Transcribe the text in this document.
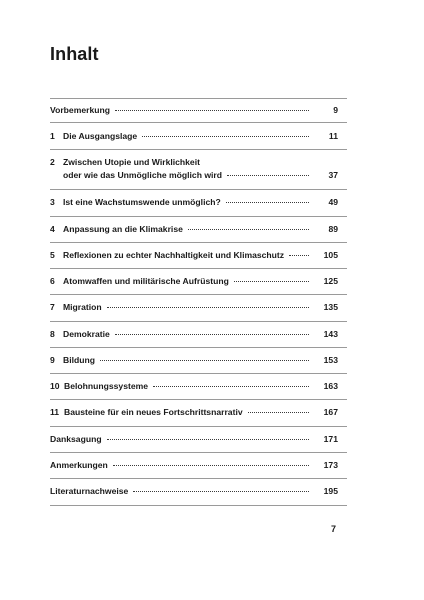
Inhalt
Vorbemerkung	9
1 Die Ausgangslage	11
2 Zwischen Utopie und Wirklichkeit
oder wie das Unmögliche möglich wird	37
3 Ist eine Wachstumswende unmöglich?	49
4 Anpassung an die Klimakrise	89
5 Reflexionen zu echter Nachhaltigkeit und Klimaschutz	105
6 Atomwaffen und militärische Aufrüstung	125
7 Migration	135
8 Demokratie	143
9 Bildung	153
10 Belohnungssysteme	163
11 Bausteine für ein neues Fortschrittsnarrativ	167
Danksagung	171
Anmerkungen	173
Literaturnachweise	195
7
